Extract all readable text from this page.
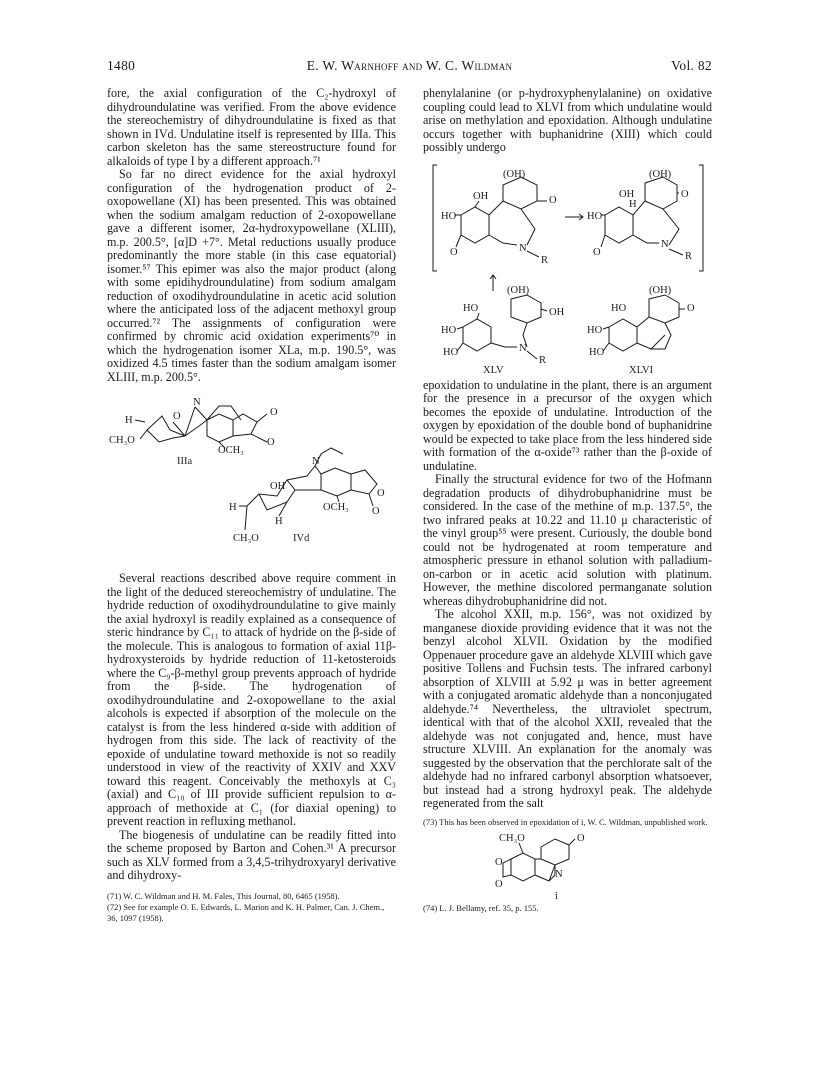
1480	E. W. Warnhoff and W. C. Wildman	Vol. 82

fore, the axial configuration of the C₂-hydroxyl of dihydroundulatine was verified. From the above evidence the stereochemistry of dihydroundulatine is fixed as that shown in IVd. Undulatine itself is represented by IIIa. This carbon skeleton has the same stereostructure found for alkaloids of type I by a different approach.⁷¹

So far no direct evidence for the axial hydroxyl configuration of the hydrogenation product of 2-oxopowellane (XI) has been presented. This was obtained when the sodium amalgam reduction of 2-oxopowellane gave a different isomer, 2α-hydroxypowellane (XLIII), m.p. 200.5°, [α]D +7°. Metal reductions usually produce predominantly the more stable (in this case equatorial) isomer.⁵⁷ This epimer was also the major product (along with some epidihydroundulatine) from sodium amalgam reduction of oxodihydroundulatine in acetic acid solution where the anticipated loss of the adjacent methoxyl group occurred.⁷² The assignments of configuration were confirmed by chromic acid oxidation experiments⁷⁰ in which the hydrogenation isomer XLa, m.p. 190.5°, was oxidized 4.5 times faster than the sodium amalgam isomer XLIII, m.p. 200.5°.

H
CH₃O
O
N
OCH₃
O
O
IIIa	N
OH
H
H
CH₃O
OCH₃
O
O
IVd

Several reactions described above require comment in the light of the deduced stereochemistry of undulatine. The hydride reduction of oxodihydroundulatine to give mainly the axial hydroxyl is readily explained as a consequence of steric hindrance by C₁₁ to attack of hydride on the β-side of the molecule. This is analogous to formation of axial 11β-hydroxysteroids by hydride reduction of 11-ketosteroids where the C₉-β-methyl group prevents approach of hydride from the β-side. The hydrogenation of oxodihydroundulatine and 2-oxopowellane to the axial alcohols is expected if absorption of the molecule on the catalyst is from the less hindered α-side with addition of hydrogen from this side. The lack of reactivity of the epoxide of undulatine toward methoxide is not so readily understood in view of the reactivity of XXIV and XXV toward this reagent. Conceivably the methoxyls at C₃ (axial) and C₁₀ of III provide sufficient repulsion to α-approach of methoxide at C₁ (for diaxial opening) to prevent reaction in refluxing methanol.

The biogenesis of undulatine can be readily fitted into the scheme proposed by Barton and Cohen.³¹ A precursor such as XLV formed from a 3,4,5-trihydroxyaryl derivative and dihydroxy-

(71) W. C. Wildman and H. M. Fales, This Journal, 80, 6465 (1958).

(72) See for example O. E. Edwards, L. Marion and K. H. Palmer, Can. J. Chem., 36, 1097 (1958).

phenylalanine (or p-hydroxyphenylalanine) on oxidative coupling could lead to XLVI from which undulatine would arise on methylation and epoxidation. Although undulatine occurs together with buphanidrine (XIII) which could possibly undergo

(OH)
OH
HO
O
O
N
R
(OH)
OH
H
HO
O
O
N
R
(OH)
OH
HO
HO
HO	N
R
XLV
(OH)
HO
HO
HO
O
XLVI

epoxidation to undulatine in the plant, there is an argument for the presence in a precursor of the oxygen which becomes the epoxide of undulatine. Introduction of the oxygen by epoxidation of the double bond of buphanidrine would be expected to take place from the less hindered side with formation of the α-oxide⁷³ rather than the β-oxide of undulatine.

Finally the structural evidence for two of the Hofmann degradation products of dihydrobuphanidrine must be considered. In the case of the methine of m.p. 137.5°, the two infrared peaks at 10.22 and 11.10 μ characteristic of the vinyl group⁵⁵ were present. Curiously, the double bond could not be hydrogenated at room temperature and atmospheric pressure in ethanol solution with palladium-on-carbon or in acetic acid solution with platinum. However, the methine discolored permanganate solution whereas dihydrobuphanidrine did not.

The alcohol XXII, m.p. 156°, was not oxidized by manganese dioxide providing evidence that it was not the benzyl alcohol XLVII. Oxidation by the modified Oppenauer procedure gave an aldehyde XLVIII which gave positive Tollens and Fuchsin tests. The infrared carbonyl absorption of XLVIII at 5.92 μ was in better agreement with a conjugated aromatic aldehyde than a nonconjugated aldehyde.⁷⁴ Nevertheless, the ultraviolet spectrum, identical with that of the alcohol XXII, revealed that the aldehyde was not conjugated and, hence, must have structure XLVIII. An explanation for the anomaly was suggested by the observation that the perchlorate salt of the aldehyde had no infrared carbonyl absorption whatsoever, but instead had a strong hydroxyl peak. The aldehyde regenerated from the salt

(73) This has been observed in epoxidation of i, W. C. Wildman, unpublished work.

CH₃O	O
O
O
N
i

(74) L. J. Bellamy, ref. 35, p. 155.
